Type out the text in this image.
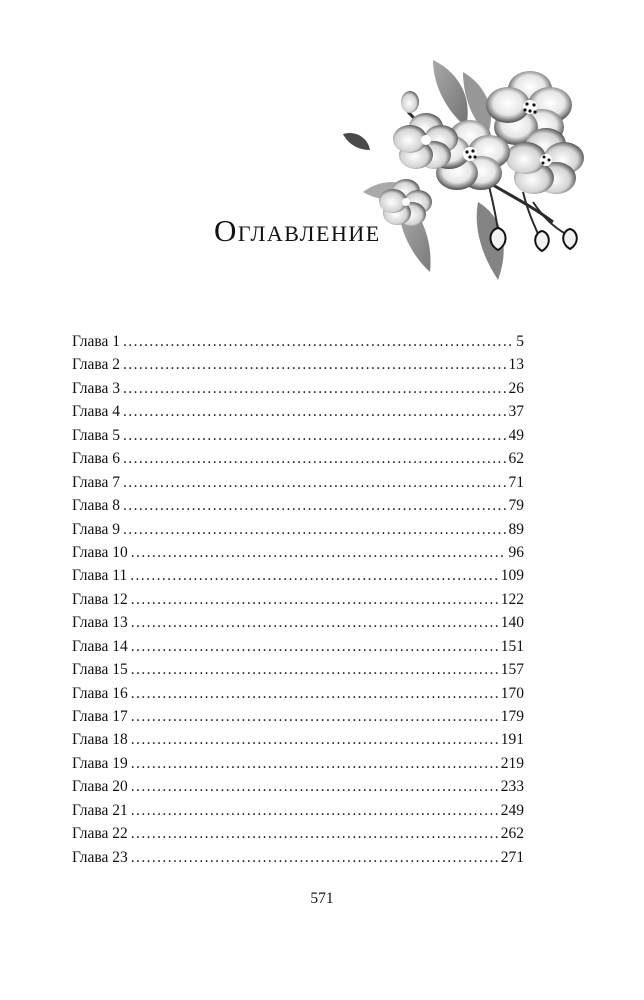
Оглавление
Глава 1 .....	5
Глава 2 .....	13
Глава 3 .....	26
Глава 4 .....	37
Глава 5 .....	49
Глава 6 .....	62
Глава 7 .....	71
Глава 8 .....	79
Глава 9 .....	89
Глава 10 .....	96
Глава 11 .....	109
Глава 12 .....	122
Глава 13 .....	140
Глава 14 .....	151
Глава 15 .....	157
Глава 16 .....	170
Глава 17 .....	179
Глава 18 .....	191
Глава 19 .....	219
Глава 20 .....	233
Глава 21 .....	249
Глава 22 .....	262
Глава 23 .....	271

571
